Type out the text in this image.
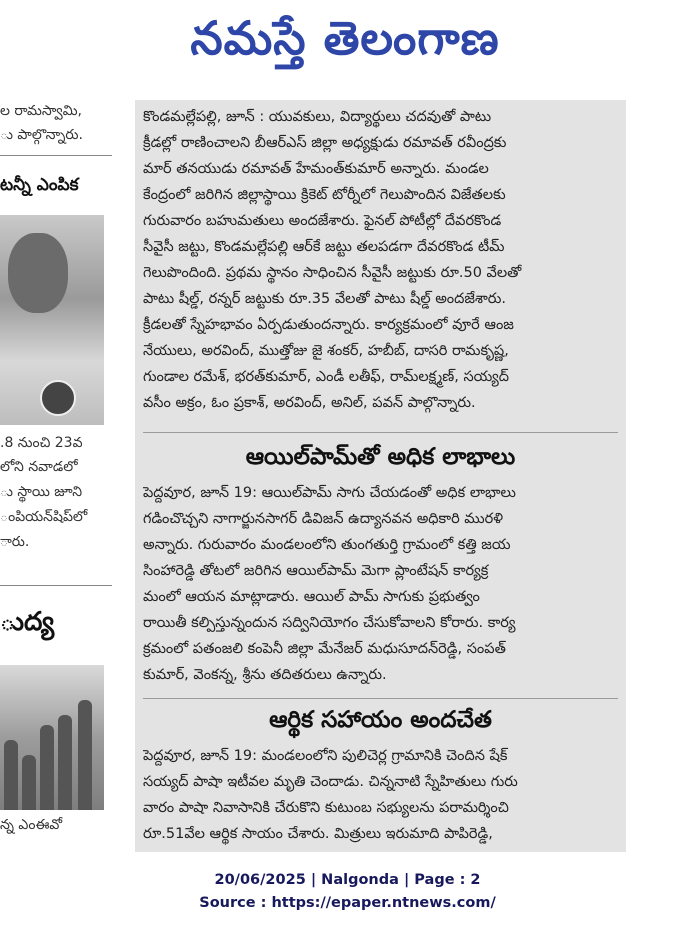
నమస్తే తెలంగాణ
ల రామస్వామి,
ు పాల్గొన్నారు.
టన్నీ ఎంపిక
.8 నుంచి 23వ
లోని నవాడలో
ు స్థాయి జూని
ంపియన్‌షిప్‌లో
ారు.
ుద్య
న్న ఎంఈవో
కొండమల్లేపల్లి, జూన్ : యువకులు, విద్యార్థులు చదవుతో పాటు
క్రీడల్లో రాణించాలని బీఆర్‌ఎస్ జిల్లా అధ్యక్షుడు రమావత్ రవీంద్రకు
మార్ తనయుడు రమావత్ హేమంత్‌కుమార్ అన్నారు. మండల
కేంద్రంలో జరిగిన జిల్లాస్థాయి క్రికెట్ టోర్నీలో గెలుపొందిన విజేతలకు
గురువారం బహుమతులు అందజేశారు. ఫైనల్ పోటీల్లో దేవరకొండ
సీవైసీ జట్టు, కొండమల్లేపల్లి ఆర్‌కే జట్టు తలపడగా దేవరకొండ టీమ్
గెలుపొందింది. ప్రథమ స్థానం సాధించిన సీవైసీ జట్టుకు రూ.50 వేలతో
పాటు షీల్డ్, రన్నర్ జట్టుకు రూ.35 వేలతో పాటు షీల్డ్ అందజేశారు.
క్రీడలతో స్నేహభావం ఏర్పడుతుందన్నారు. కార్యక్రమంలో వూరే ఆంజ
నేయులు, అరవింద్, ముత్తోజు జై శంకర్, హబీబ్, దాసరి రామకృష్ణ,
గుండాల రమేశ్, భరత్‌కుమార్, ఎండీ లతీఫ్, రామ్‌లక్ష్మణ్, సయ్యద్
వసీం అక్రం, ఓం ప్రకాశ్, అరవింద్, అనిల్, పవన్ పాల్గొన్నారు.
ఆయిల్‌పామ్‌తో అధిక లాభాలు
పెద్దవూర, జూన్ 19: ఆయిల్‌పామ్ సాగు చేయడంతో అధిక లాభాలు
గడించొచ్చని నాగార్జునసాగర్ డివిజన్ ఉద్యానవన అధికారి మురళి
అన్నారు. గురువారం మండలంలోని తుంగతుర్తి గ్రామంలో కత్తి జయ
సింహారెడ్డి తోటలో జరిగిన ఆయిల్‌పామ్ మెగా ప్లాంటేషన్ కార్యక్ర
మంలో ఆయన మాట్లాడారు. ఆయిల్ పామ్ సాగుకు ప్రభుత్వం
రాయితీ కల్పిస్తున్నందున సద్వినియోగం చేసుకోవాలని కోరారు. కార్య
క్రమంలో పతంజలి కంపెనీ జిల్లా మేనేజర్ మధుసూదన్‌రెడ్డి, సంపత్
కుమార్, వెంకన్న, శ్రీను తదితరులు ఉన్నారు.
ఆర్థిక సహాయం అందచేత
పెద్దవూర, జూన్ 19: మండలంలోని పులిచెర్ల గ్రామానికి చెందిన షేక్
సయ్యద్ పాషా ఇటీవల మృతి చెందాడు. చిన్ననాటి స్నేహితులు గురు
వారం పాషా నివాసానికి చేరుకొని కుటుంబ సభ్యులను పరామర్శించి
రూ.51వేల ఆర్థిక సాయం చేశారు. మిత్రులు ఇరుమాది పాపిరెడ్డి,
20/06/2025 | Nalgonda | Page : 2
Source : https://epaper.ntnews.com/
